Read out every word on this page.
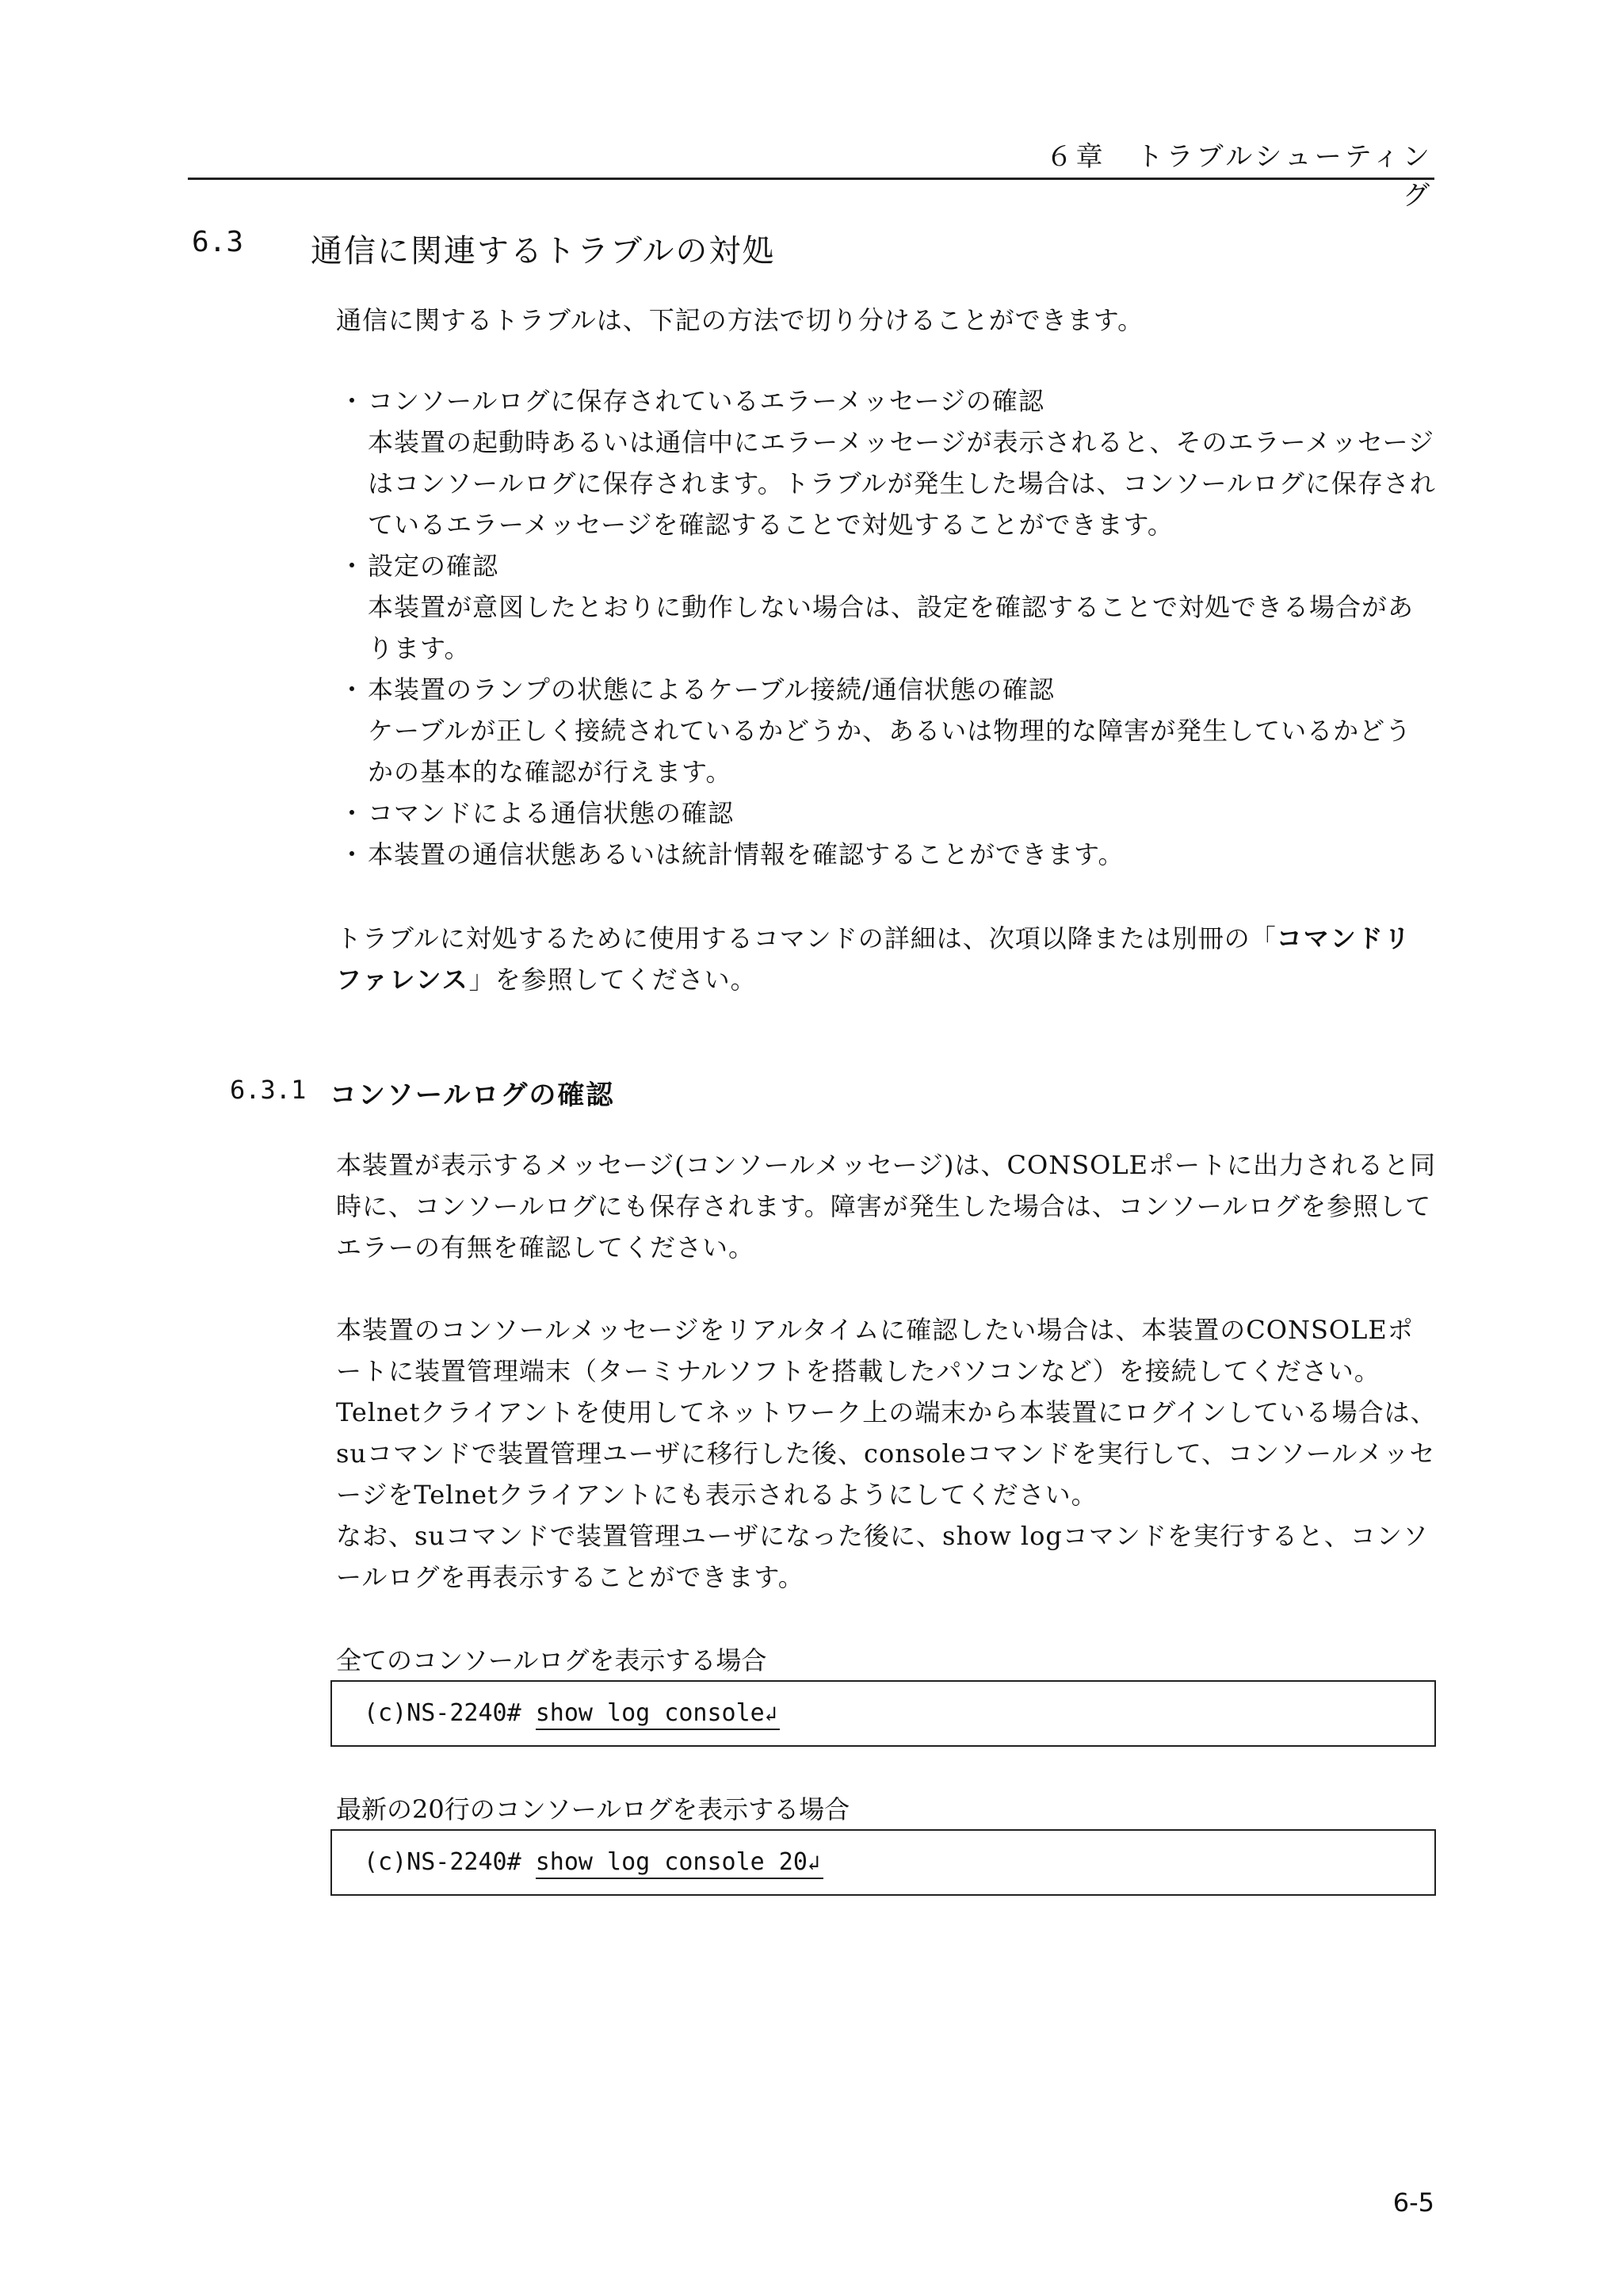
６章　トラブルシューティング
6.3 通信に関連するトラブルの対処
通信に関するトラブルは、下記の方法で切り分けることができます。
・ コンソールログに保存されているエラーメッセージの確認
本装置の起動時あるいは通信中にエラーメッセージが表示されると、そのエラーメッセージはコンソールログに保存されます。トラブルが発生した場合は、コンソールログに保存されているエラーメッセージを確認することで対処することができます。
・ 設定の確認
本装置が意図したとおりに動作しない場合は、設定を確認することで対処できる場合があります。
・ 本装置のランプの状態によるケーブル接続/通信状態の確認
ケーブルが正しく接続されているかどうか、あるいは物理的な障害が発生しているかどうかの基本的な確認が行えます。
・ コマンドによる通信状態の確認
・ 本装置の通信状態あるいは統計情報を確認することができます。
トラブルに対処するために使用するコマンドの詳細は、次項以降または別冊の「コマンドリファレンス」を参照してください。
6.3.1 コンソールログの確認

本装置が表示するメッセージ(コンソールメッセージ)は、CONSOLEポートに出力されると同時に、コンソールログにも保存されます。障害が発生した場合は、コンソールログを参照してエラーの有無を確認してください。

本装置のコンソールメッセージをリアルタイムに確認したい場合は、本装置のCONSOLEポートに装置管理端末（ターミナルソフトを搭載したパソコンなど）を接続してください。Telnetクライアントを使用してネットワーク上の端末から本装置にログインしている場合は、suコマンドで装置管理ユーザに移行した後、consoleコマンドを実行して、コンソールメッセージをTelnetクライアントにも表示されるようにしてください。

なお、suコマンドで装置管理ユーザになった後に、show logコマンドを実行すると、コンソールログを再表示することができます。

全てのコンソールログを表示する場合
(c)NS-2240# show log console↲
最新の20行のコンソールログを表示する場合
(c)NS-2240# show log console 20↲
6-5
